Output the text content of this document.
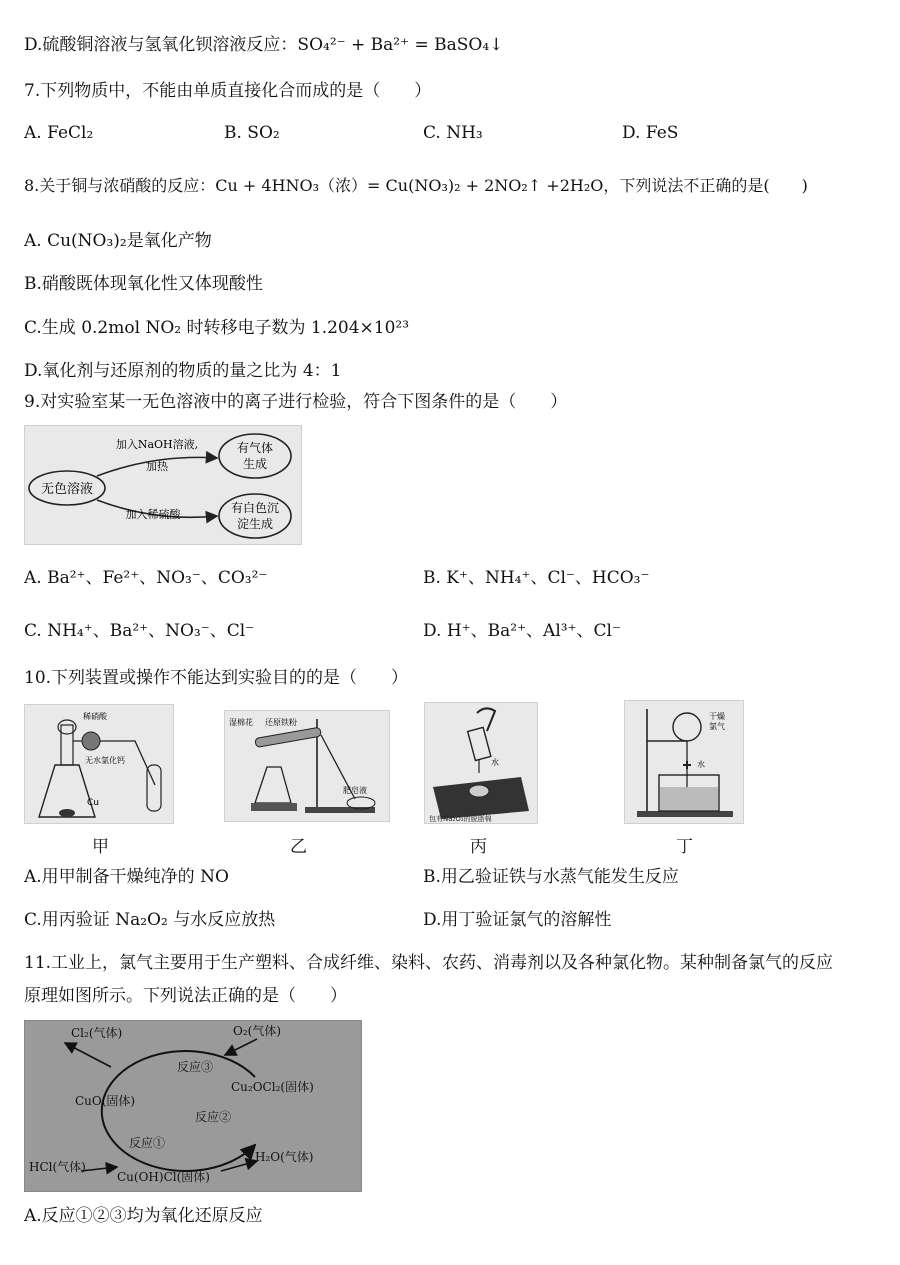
D.硫酸铜溶液与氢氧化钡溶液反应：SO₄²⁻ + Ba²⁺ = BaSO₄↓
7.下列物质中，不能由单质直接化合而成的是（　　）
A. FeCl₂	B. SO₂	C. NH₃	D. FeS
8.关于铜与浓硝酸的反应：Cu + 4HNO₃（浓）= Cu(NO₃)₂ + 2NO₂↑ +2H₂O，下列说法不正确的是(　　)
A. Cu(NO₃)₂是氧化产物
B.硝酸既体现氧化性又体现酸性
C.生成 0.2mol NO₂ 时转移电子数为 1.204×10²³
D.氧化剂与还原剂的物质的量之比为 4：1
9.对实验室某一无色溶液中的离子进行检验，符合下图条件的是（　　）
无色溶液
有气体
生成
有白色沉
淀生成
加入NaOH溶液,
加热
加入稀硫酸
A. Ba²⁺、Fe²⁺、NO₃⁻、CO₃²⁻	B. K⁺、NH₄⁺、Cl⁻、HCO₃⁻
C. NH₄⁺、Ba²⁺、NO₃⁻、Cl⁻	D. H⁺、Ba²⁺、Al³⁺、Cl⁻
10.下列装置或操作不能达到实验目的的是（　　）
稀硝酸
无水氯化钙
Cu
湿棉花 还原铁粉
肥皂液
水
包有Na₂O₂的脱脂棉
干燥
氯气
水
甲	乙	丙	丁
A.用甲制备干燥纯净的 NO	B.用乙验证铁与水蒸气能发生反应
C.用丙验证 Na₂O₂ 与水反应放热	D.用丁验证氯气的溶解性
11.工业上，氯气主要用于生产塑料、合成纤维、染料、农药、消毒剂以及各种氯化物。某种制备氯气的反应
原理如图所示。下列说法正确的是（　　）
Cl₂(气体)	O₂(气体)
反应③
Cu₂OCl₂(固体)
CuO(固体)
反应②
反应①
HCl(气体)
Cu(OH)Cl(固体)
H₂O(气体)
A.反应①②③均为氧化还原反应
